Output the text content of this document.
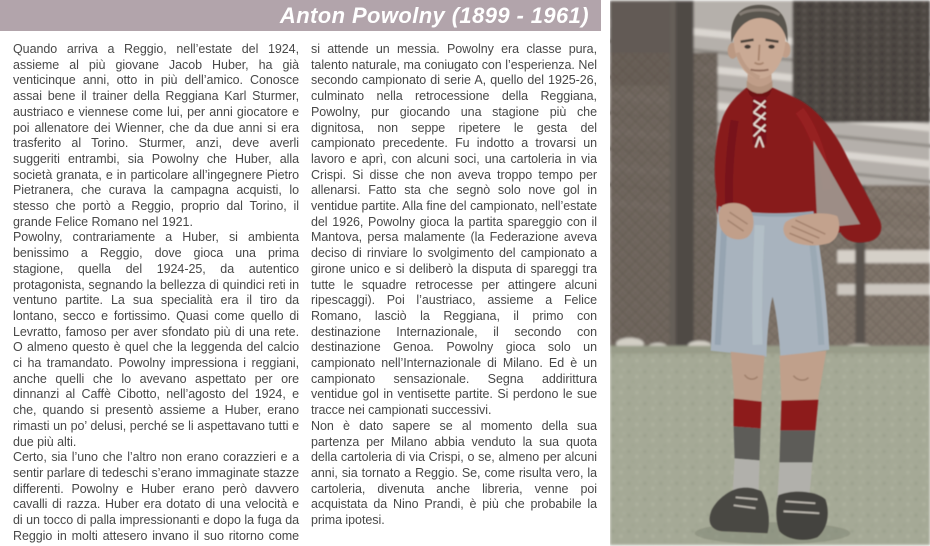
Anton Powolny (1899 - 1961)

Quando arriva a Reggio, nell’estate del 1924, assieme al più giovane Jacob Huber, ha già venticinque anni, otto in più dell’amico. Conosce assai bene il trainer della Reggiana Karl Sturmer, austriaco e viennese come lui, per anni giocatore e poi allenatore dei Wienner, che da due anni si era trasferito al Torino. Sturmer, anzi, deve averli suggeriti entrambi, sia Powolny che Huber, alla società granata, e in particolare all’ingegnere Pietro Pietranera, che curava la campagna acquisti, lo stesso che portò a Reggio, proprio dal Torino, il grande Felice Romano nel 1921.

Powolny, contrariamente a Huber, si ambienta benissimo a Reggio, dove gioca una prima stagione, quella del 1924-25, da autentico protagonista, segnando la bellezza di quindici reti in ventuno partite. La sua specialità era il tiro da lontano, secco e fortissimo. Quasi come quello di Levratto, famoso per aver sfondato più di una rete. O almeno questo è quel che la leggenda del calcio ci ha tramandato. Powolny impressiona i reggiani, anche quelli che lo avevano aspettato per ore dinnanzi al Caffè Cibotto, nell’agosto del 1924, e che, quando si presentò assieme a Huber, erano rimasti un po’ delusi, perché se li aspettavano tutti e due più alti.

Certo, sia l’uno che l’altro non erano corazzieri e a sentir parlare di tedeschi s’erano immaginate stazze differenti. Powolny e Huber erano però davvero cavalli di razza. Huber era dotato di una velocità e di un tocco di palla impressionanti e dopo la fuga da Reggio in molti attesero invano il suo ritorno come si attende un messia. Powolny era classe pura, talento naturale, ma coniugato con l’esperienza. Nel secondo campionato di serie A, quello del 1925-26, culminato nella retrocessione della Reggiana, Powolny, pur giocando una stagione più che dignitosa, non seppe ripetere le gesta del campionato precedente. Fu indotto a trovarsi un lavoro e aprì, con alcuni soci, una cartoleria in via Crispi. Si disse che non aveva troppo tempo per allenarsi. Fatto sta che segnò solo nove gol in ventidue partite. Alla fine del campionato, nell’estate del 1926, Powolny gioca la partita spareggio con il Mantova, persa malamente (la Federazione aveva deciso di rinviare lo svolgimento del campionato a girone unico e si deliberò la disputa di spareggi tra tutte le squadre retrocesse per attingere alcuni ripescaggi). Poi l’austriaco, assieme a Felice Romano, lasciò la Reggiana, il primo con destinazione Internazionale, il secondo con destinazione Genoa. Powolny gioca solo un campionato nell’Internazionale di Milano. Ed è un campionato sensazionale. Segna addirittura ventidue gol in ventisette partite. Si perdono le sue tracce nei campionati successivi.

Non è dato sapere se al momento della sua partenza per Milano abbia venduto la sua quota della cartoleria di via Crispi, o se, almeno per alcuni anni, sia tornato a Reggio. Se, come risulta vero, la cartoleria, divenuta anche libreria, venne poi acquistata da Nino Prandi, è più che probabile la prima ipotesi.
